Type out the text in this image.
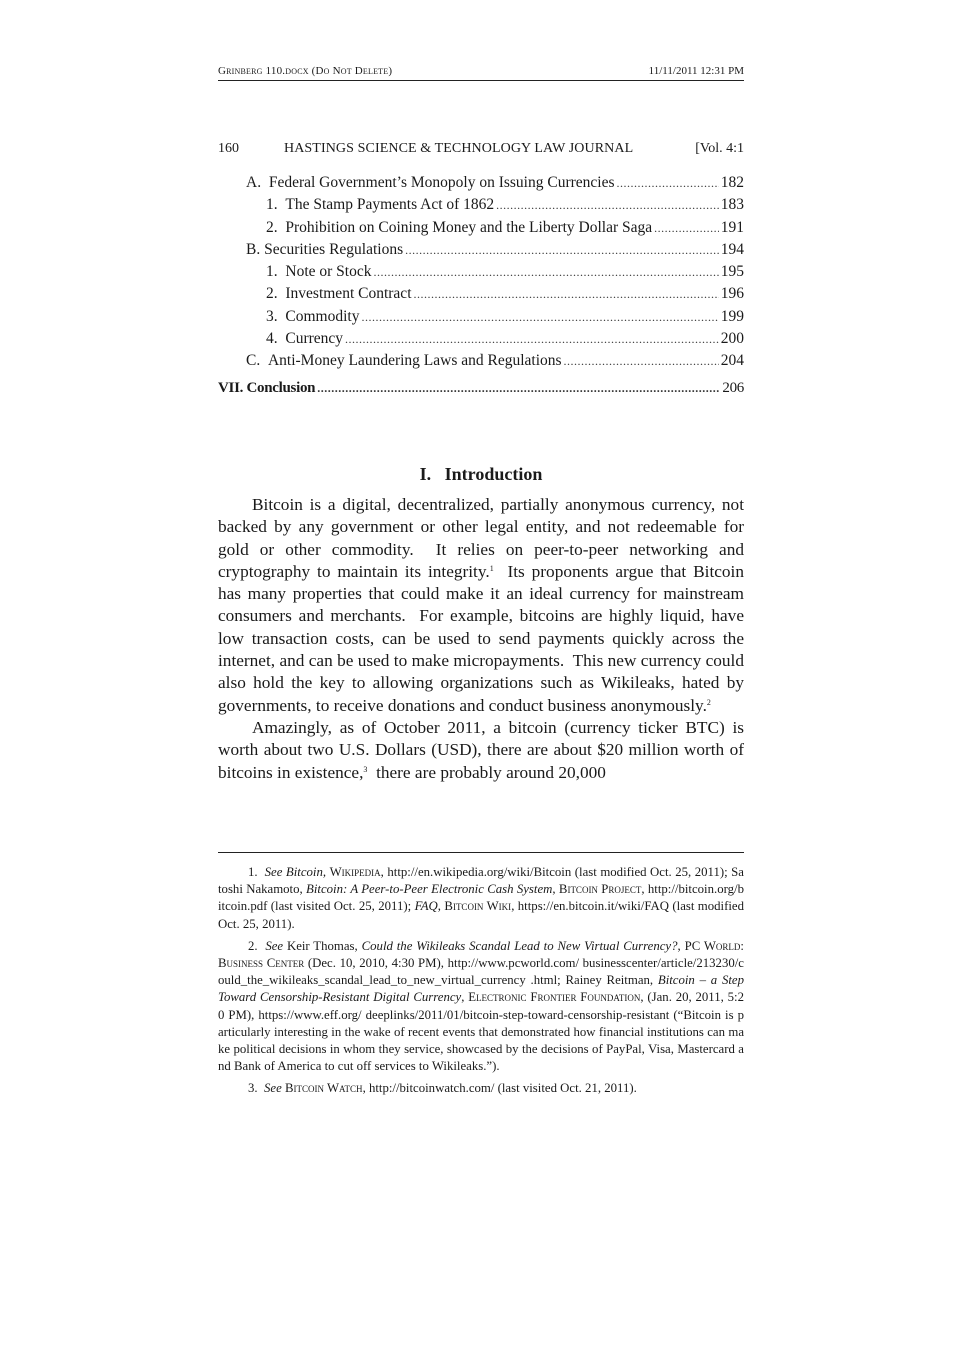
Grinberg 110.docx (Do Not Delete)	11/11/2011 12:31 PM
160	HASTINGS SCIENCE & TECHNOLOGY LAW JOURNAL	[Vol. 4:1
A.  Federal Government’s Monopoly on Issuing Currencies .....	182
1.  The Stamp Payments Act of 1862 .....	183
2.  Prohibition on Coining Money and the Liberty Dollar Saga .....	191
B. Securities Regulations .....	194
1.  Note or Stock .....	195
2.  Investment Contract .....	196
3.  Commodity .....	199
4.  Currency .....	200
C.  Anti-Money Laundering Laws and Regulations .....	204
VII. Conclusion .....	206
I.   Introduction

Bitcoin is a digital, decentralized, partially anonymous currency, not backed by any government or other legal entity, and not redeemable for gold or other commodity.  It relies on peer-to-peer networking and cryptography to maintain its integrity.$^1$  Its proponents argue that Bitcoin has many properties that could make it an ideal currency for mainstream consumers and merchants.  For example, bitcoins are highly liquid, have low transaction costs, can be used to send payments quickly across the internet, and can be used to make micropayments.  This new currency could also hold the key to allowing organizations such as Wikileaks, hated by governments, to receive donations and conduct business anonymously.$^2$

Amazingly, as of October 2011, a bitcoin (currency ticker BTC) is worth about two U.S. Dollars (USD), there are about $20 million worth of bitcoins in existence,$^3$  there are probably around 20,000

1. See Bitcoin, Wikipedia, http://en.wikipedia.org/wiki/Bitcoin (last modified Oct. 25, 2011); Satoshi Nakamoto, Bitcoin: A Peer-to-Peer Electronic Cash System, Bitcoin Project, http://bitcoin.org/bitcoin.pdf (last visited Oct. 25, 2011); FAQ, Bitcoin Wiki, https://en.bitcoin.it/wiki/FAQ (last modified Oct. 25, 2011).

2. See Keir Thomas, Could the Wikileaks Scandal Lead to New Virtual Currency?, PC World: Business Center (Dec. 10, 2010, 4:30 PM), http://www.pcworld.com/ businesscenter/article/213230/could_the_wikileaks_scandal_lead_to_new_virtual_currency .html; Rainey Reitman, Bitcoin – a Step Toward Censorship-Resistant Digital Currency, Electronic Frontier Foundation, (Jan. 20, 2011, 5:20 PM), https://www.eff.org/ deeplinks/2011/01/bitcoin-step-toward-censorship-resistant (“Bitcoin is particularly interesting in the wake of recent events that demonstrated how financial institutions can make political decisions in whom they service, showcased by the decisions of PayPal, Visa, Mastercard and Bank of America to cut off services to Wikileaks.”).

3. See Bitcoin Watch, http://bitcoinwatch.com/ (last visited Oct. 21, 2011).
